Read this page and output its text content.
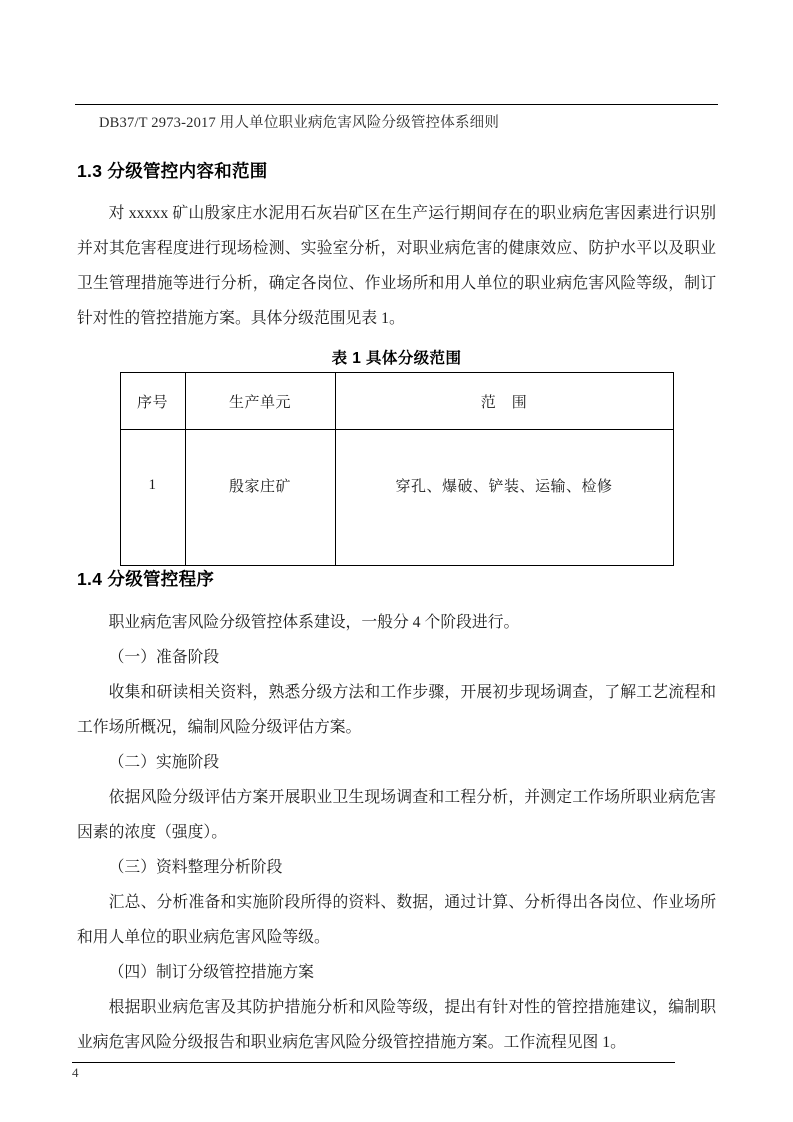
DB37/T 2973-2017 用人单位职业病危害风险分级管控体系细则
1.3 分级管控内容和范围

对 xxxxx 矿山殷家庄水泥用石灰岩矿区在生产运行期间存在的职业病危害因素进行识别并对其危害程度进行现场检测、实验室分析，对职业病危害的健康效应、防护水平以及职业卫生管理措施等进行分析，确定各岗位、作业场所和用人单位的职业病危害风险等级，制订针对性的管控措施方案。具体分级范围见表 1。

表 1 具体分级范围
序号	生产单元	范　围
1	殷家庄矿	穿孔、爆破、铲装、运输、检修
1.4 分级管控程序

职业病危害风险分级管控体系建设，一般分 4 个阶段进行。

（一）准备阶段

收集和研读相关资料，熟悉分级方法和工作步骤，开展初步现场调查，了解工艺流程和工作场所概况，编制风险分级评估方案。

（二）实施阶段

依据风险分级评估方案开展职业卫生现场调查和工程分析，并测定工作场所职业病危害因素的浓度（强度）。

（三）资料整理分析阶段

汇总、分析准备和实施阶段所得的资料、数据，通过计算、分析得出各岗位、作业场所和用人单位的职业病危害风险等级。

（四）制订分级管控措施方案

根据职业病危害及其防护措施分析和风险等级，提出有针对性的管控措施建议，编制职业病危害风险分级报告和职业病危害风险分级管控措施方案。工作流程见图 1。

4
